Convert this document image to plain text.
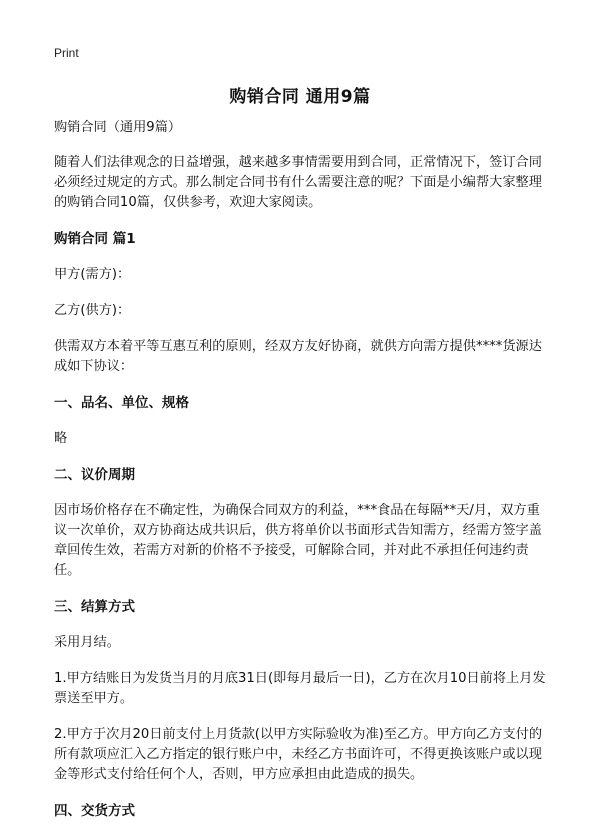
Print
购销合同 通用9篇

购销合同（通用9篇）

随着人们法律观念的日益增强，越来越多事情需要用到合同，正常情况下，签订合同必须经过规定的方式。那么制定合同书有什么需要注意的呢？下面是小编帮大家整理的购销合同10篇，仅供参考，欢迎大家阅读。

购销合同 篇1

甲方(需方)：

乙方(供方)：

供需双方本着平等互惠互利的原则，经双方友好协商，就供方向需方提供****货源达成如下协议：

一、品名、单位、规格

略

二、议价周期

因市场价格存在不确定性，为确保合同双方的利益，***食品在每隔**天/月，双方重议一次单价，双方协商达成共识后，供方将单价以书面形式告知需方，经需方签字盖章回传生效，若需方对新的价格不予接受，可解除合同，并对此不承担任何违约责任。

三、结算方式

采用月结。

1.甲方结账日为发货当月的月底31日(即每月最后一日)，乙方在次月10日前将上月发票送至甲方。

2.甲方于次月20日前支付上月货款(以甲方实际验收为准)至乙方。甲方向乙方支付的所有款项应汇入乙方指定的银行账户中，未经乙方书面许可，不得更换该账户或以现金等形式支付给任何个人，否则，甲方应承担由此造成的损失。

四、交货方式
